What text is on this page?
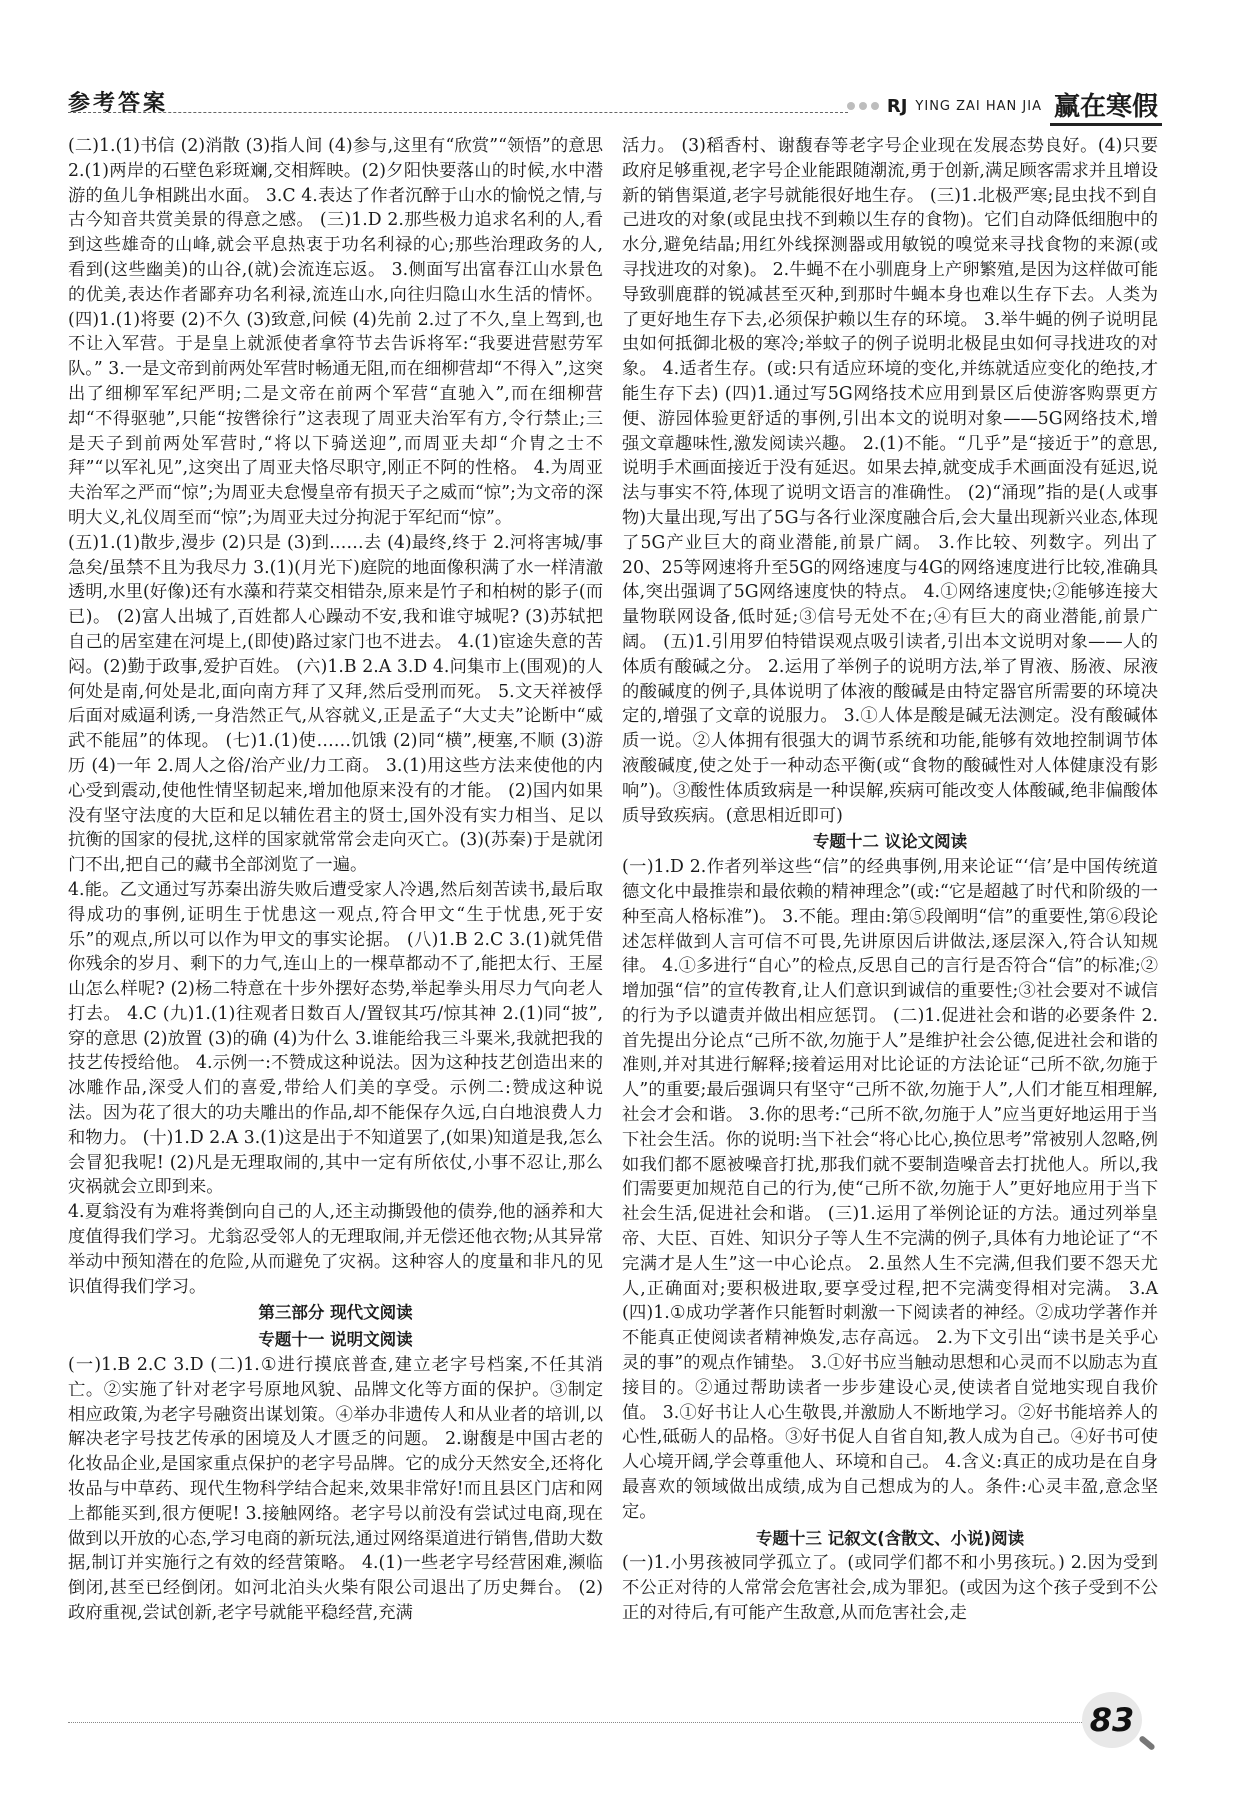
参考答案	RJ YING ZAI HAN JIA 赢在寒假

(二)1.(1)书信 (2)消散 (3)指人间 (4)参与,这里有“欣赏”“领悟”的意思 2.(1)两岸的石壁色彩斑斓,交相辉映。(2)夕阳快要落山的时候,水中潜游的鱼儿争相跳出水面。 3.C 4.表达了作者沉醉于山水的愉悦之情,与古今知音共赏美景的得意之感。 (三)1.D 2.那些极力追求名利的人,看到这些雄奇的山峰,就会平息热衷于功名利禄的心;那些治理政务的人,看到(这些幽美)的山谷,(就)会流连忘返。 3.侧面写出富春江山水景色的优美,表达作者鄙弃功名利禄,流连山水,向往归隐山水生活的情怀。 (四)1.(1)将要 (2)不久 (3)致意,问候 (4)先前 2.过了不久,皇上驾到,也不让入军营。于是皇上就派使者拿符节去告诉将军:“我要进营慰劳军队。” 3.一是文帝到前两处军营时畅通无阻,而在细柳营却“不得入”,这突出了细柳军军纪严明;二是文帝在前两个军营“直驰入”,而在细柳营却“不得驱驰”,只能“按辔徐行”这表现了周亚夫治军有方,令行禁止;三是天子到前两处军营时,“将以下骑送迎”,而周亚夫却“介胄之士不拜”“以军礼见”,这突出了周亚夫恪尽职守,刚正不阿的性格。 4.为周亚夫治军之严而“惊”;为周亚夫怠慢皇帝有损天子之威而“惊”;为文帝的深明大义,礼仪周至而“惊”;为周亚夫过分拘泥于军纪而“惊”。

(五)1.(1)散步,漫步 (2)只是 (3)到……去 (4)最终,终于 2.河将害城/事急矣/虽禁不且为我尽力 3.(1)(月光下)庭院的地面像积满了水一样清澈透明,水里(好像)还有水藻和荇菜交相错杂,原来是竹子和柏树的影子(而已)。 (2)富人出城了,百姓都人心躁动不安,我和谁守城呢? (3)苏轼把自己的居室建在河堤上,(即使)路过家门也不进去。 4.(1)宦途失意的苦闷。(2)勤于政事,爱护百姓。 (六)1.B 2.A 3.D 4.问集市上(围观)的人何处是南,何处是北,面向南方拜了又拜,然后受刑而死。 5.文天祥被俘后面对威逼利诱,一身浩然正气,从容就义,正是孟子“大丈夫”论断中“威武不能屈”的体现。 (七)1.(1)使……饥饿 (2)同“横”,梗塞,不顺 (3)游历 (4)一年 2.周人之俗/治产业/力工商。 3.(1)用这些方法来使他的内心受到震动,使他性情坚韧起来,增加他原来没有的才能。 (2)国内如果没有坚守法度的大臣和足以辅佐君主的贤士,国外没有实力相当、足以抗衡的国家的侵扰,这样的国家就常常会走向灭亡。(3)(苏秦)于是就闭门不出,把自己的藏书全部浏览了一遍。

4.能。乙文通过写苏秦出游失败后遭受家人冷遇,然后刻苦读书,最后取得成功的事例,证明生于忧患这一观点,符合甲文“生于忧患,死于安乐”的观点,所以可以作为甲文的事实论据。 (八)1.B 2.C 3.(1)就凭借你残余的岁月、剩下的力气,连山上的一棵草都动不了,能把太行、王屋山怎么样呢? (2)杨二特意在十步外摆好态势,举起拳头用尽力气向老人打去。 4.C (九)1.(1)往观者日数百人/置钗其巧/惊其神 2.(1)同“披”,穿的意思 (2)放置 (3)的确 (4)为什么 3.谁能给我三斗粟米,我就把我的技艺传授给他。 4.示例一:不赞成这种说法。因为这种技艺创造出来的冰雕作品,深受人们的喜爱,带给人们美的享受。示例二:赞成这种说法。因为花了很大的功夫雕出的作品,却不能保存久远,白白地浪费人力和物力。 (十)1.D 2.A 3.(1)这是出于不知道罢了,(如果)知道是我,怎么会冒犯我呢! (2)凡是无理取闹的,其中一定有所依仗,小事不忍让,那么灾祸就会立即到来。

4.夏翁没有为难将粪倒向自己的人,还主动撕毁他的债券,他的涵养和大度值得我们学习。尤翁忍受邻人的无理取闹,并无偿还他衣物;从其异常举动中预知潜在的危险,从而避免了灾祸。这种容人的度量和非凡的见识值得我们学习。

第三部分 现代文阅读
专题十一 说明文阅读

(一)1.B 2.C 3.D (二)1.①进行摸底普查,建立老字号档案,不任其消亡。②实施了针对老字号原地风貌、品牌文化等方面的保护。③制定相应政策,为老字号融资出谋划策。④举办非遗传人和从业者的培训,以解决老字号技艺传承的困境及人才匮乏的问题。 2.谢馥是中国古老的化妆品企业,是国家重点保护的老字号品牌。它的成分天然安全,还将化妆品与中草药、现代生物科学结合起来,效果非常好!而且县区门店和网上都能买到,很方便呢! 3.接触网络。老字号以前没有尝试过电商,现在做到以开放的心态,学习电商的新玩法,通过网络渠道进行销售,借助大数据,制订并实施行之有效的经营策略。 4.(1)一些老字号经营困难,濒临倒闭,甚至已经倒闭。如河北泊头火柴有限公司退出了历史舞台。 (2)政府重视,尝试创新,老字号就能平稳经营,充满

活力。 (3)稻香村、谢馥春等老字号企业现在发展态势良好。(4)只要政府足够重视,老字号企业能跟随潮流,勇于创新,满足顾客需求并且增设新的销售渠道,老字号就能很好地生存。 (三)1.北极严寒;昆虫找不到自己进攻的对象(或昆虫找不到赖以生存的食物)。它们自动降低细胞中的水分,避免结晶;用红外线探测器或用敏锐的嗅觉来寻找食物的来源(或寻找进攻的对象)。 2.牛蝇不在小驯鹿身上产卵繁殖,是因为这样做可能导致驯鹿群的锐减甚至灭种,到那时牛蝇本身也难以生存下去。人类为了更好地生存下去,必须保护赖以生存的环境。 3.举牛蝇的例子说明昆虫如何抵御北极的寒冷;举蚊子的例子说明北极昆虫如何寻找进攻的对象。 4.适者生存。(或:只有适应环境的变化,并练就适应变化的绝技,才能生存下去) (四)1.通过写5G网络技术应用到景区后使游客购票更方便、游园体验更舒适的事例,引出本文的说明对象——5G网络技术,增强文章趣味性,激发阅读兴趣。 2.(1)不能。“几乎”是“接近于”的意思,说明手术画面接近于没有延迟。如果去掉,就变成手术画面没有延迟,说法与事实不符,体现了说明文语言的准确性。 (2)“涌现”指的是(人或事物)大量出现,写出了5G与各行业深度融合后,会大量出现新兴业态,体现了5G产业巨大的商业潜能,前景广阔。 3.作比较、列数字。列出了20、25等网速将升至5G的网络速度与4G的网络速度进行比较,准确具体,突出强调了5G网络速度快的特点。 4.①网络速度快;②能够连接大量物联网设备,低时延;③信号无处不在;④有巨大的商业潜能,前景广阔。 (五)1.引用罗伯特错误观点吸引读者,引出本文说明对象——人的体质有酸碱之分。 2.运用了举例子的说明方法,举了胃液、肠液、尿液的酸碱度的例子,具体说明了体液的酸碱是由特定器官所需要的环境决定的,增强了文章的说服力。 3.①人体是酸是碱无法测定。没有酸碱体质一说。②人体拥有很强大的调节系统和功能,能够有效地控制调节体液酸碱度,使之处于一种动态平衡(或“食物的酸碱性对人体健康没有影响”)。③酸性体质致病是一种误解,疾病可能改变人体酸碱,绝非偏酸体质导致疾病。(意思相近即可)

专题十二 议论文阅读

(一)1.D 2.作者列举这些“信”的经典事例,用来论证“‘信’是中国传统道德文化中最推崇和最依赖的精神理念”(或:“它是超越了时代和阶级的一种至高人格标准”)。 3.不能。理由:第⑤段阐明“信”的重要性,第⑥段论述怎样做到人言可信不可畏,先讲原因后讲做法,逐层深入,符合认知规律。 4.①多进行“自心”的检点,反思自己的言行是否符合“信”的标准;②增加强“信”的宣传教育,让人们意识到诚信的重要性;③社会要对不诚信的行为予以谴责并做出相应惩罚。 (二)1.促进社会和谐的必要条件 2.首先提出分论点“己所不欲,勿施于人”是维护社会公德,促进社会和谐的准则,并对其进行解释;接着运用对比论证的方法论证“己所不欲,勿施于人”的重要;最后强调只有坚守“己所不欲,勿施于人”,人们才能互相理解,社会才会和谐。 3.你的思考:“己所不欲,勿施于人”应当更好地运用于当下社会生活。你的说明:当下社会“将心比心,换位思考”常被别人忽略,例如我们都不愿被噪音打扰,那我们就不要制造噪音去打扰他人。所以,我们需要更加规范自己的行为,使“己所不欲,勿施于人”更好地应用于当下社会生活,促进社会和谐。 (三)1.运用了举例论证的方法。通过列举皇帝、大臣、百姓、知识分子等人生不完满的例子,具体有力地论证了“不完满才是人生”这一中心论点。 2.虽然人生不完满,但我们要不怨天尤人,正确面对;要积极进取,要享受过程,把不完满变得相对完满。 3.A (四)1.①成功学著作只能暂时刺激一下阅读者的神经。②成功学著作并不能真正使阅读者精神焕发,志存高远。 2.为下文引出“读书是关乎心灵的事”的观点作铺垫。 3.①好书应当触动思想和心灵而不以励志为直接目的。②通过帮助读者一步步建设心灵,使读者自觉地实现自我价值。 3.①好书让人心生敬畏,并激励人不断地学习。②好书能培养人的心性,砥砺人的品格。③好书促人自省自知,教人成为自己。④好书可使人心境开阔,学会尊重他人、环境和自己。 4.含义:真正的成功是在自身最喜欢的领域做出成绩,成为自己想成为的人。条件:心灵丰盈,意念坚定。

专题十三 记叙文(含散文、小说)阅读

(一)1.小男孩被同学孤立了。(或同学们都不和小男孩玩。) 2.因为受到不公正对待的人常常会危害社会,成为罪犯。(或因为这个孩子受到不公正的对待后,有可能产生敌意,从而危害社会,走

83
